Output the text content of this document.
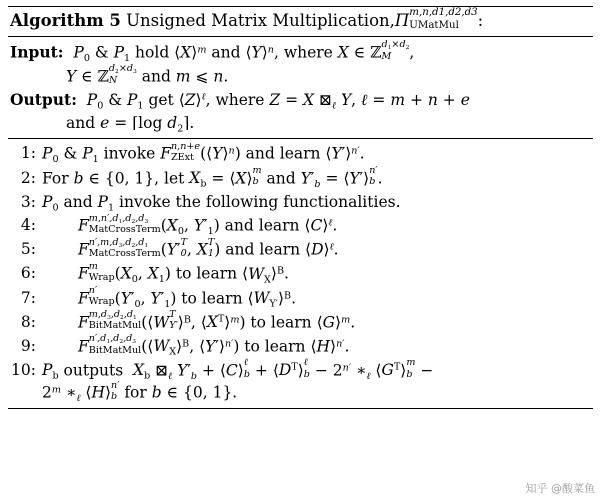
Algorithm 5 Unsigned Matrix Multiplication,Π m,n,d1,d2,d3
UMatMul	:
Input: $P_0$ & $P_1$ hold ⟨X⟩$^m$ and ⟨Y⟩$^n$, where X ∈ ℤ $d_1\times d_2$
M	,
Y ∈ ℤ $d_2\times d_3$
N	and m ⩽ n.
Output: $P_0$ & $P_1$ get ⟨Z⟩$^\ell$, where Z = X $⊠_\ell$ Y, ℓ = m + n + e
and e = ⌈log $d_2⌉$.
1: $P_0$ & $P_1$ invoke F n,n+e
ZExt (⟨Y⟩$^n$) and learn ⟨Y′⟩$^{n'}$.
2: For b ∈ {0, 1}, let $X_b$ = ⟨X⟩ m
b and $Y'_b$ = ⟨Y′⟩ n′
b .
3: $P_0$ and $P_1$ invoke the following functionalities.
4:	F $m,n',d_1,d_2,d_3$
MatCrossTerm ($X_0$, $Y'_1$) and learn ⟨C⟩$^\ell$.
5:	F $n',m,d_3,d_2,d_1$
MatCrossTerm (Y′ T
0 , X T
1 ) and learn ⟨D⟩$^\ell$.
6:	F m
Wrap ($X_0$, $X_1$) to learn $⟨W_X⟩^B$.
7:	F n′
Wrap ($Y'_0$, $Y'_1$) to learn $⟨W_{Y'}⟩^B$.
8:	F $m,d_3,d_2,d_1$
BitMatMul (⟨W T
Y′ ⟩$^B$, $⟨X^T⟩^m$) to learn ⟨G⟩$^m$.
9:	F $n',d_1,d_2,d_3$
BitMatMul ($⟨W_X⟩^B$, ⟨Y′⟩$^{n'}$) to learn ⟨H⟩$^{n'}$.
10: $P_b$ outputs  $X_b$ $⊠_\ell$ $Y'_b$ + ⟨C⟩ ℓ
$b + ⟨D^T⟩$ ℓ
$b - 2^{n'}$ $∗_\ell$ $⟨G^T⟩$ m
b −
$2^m$ $∗_\ell$ ⟨H⟩ n′
b for b ∈ {0, 1}.
知乎 @酸菜鱼
